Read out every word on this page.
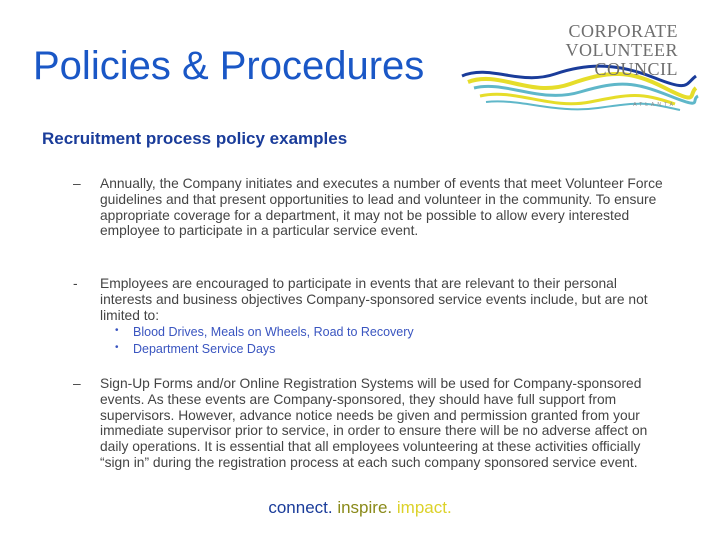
Policies & Procedures
CORPORATE
VOLUNTEER
COUNCIL
ATLANTA
Recruitment process policy examples
– Annually, the Company initiates and executes a number of events that meet Volunteer Force guidelines and that present opportunities to lead and volunteer in the community. To ensure appropriate coverage for a department, it may not be possible to allow every interested employee to participate in a particular service event.
- Employees are encouraged to participate in events that are relevant to their personal interests and business objectives Company-sponsored service events include, but are not limited to:
• Blood Drives, Meals on Wheels, Road to Recovery
• Department Service Days
– Sign-Up Forms and/or Online Registration Systems will be used for Company-sponsored events. As these events are Company-sponsored, they should have full support from supervisors. However, advance notice needs be given and permission granted from your immediate supervisor prior to service, in order to ensure there will be no adverse affect on daily operations. It is essential that all employees volunteering at these activities officially “sign in” during the registration process at each such company sponsored service event.
connect. inspire. impact.
